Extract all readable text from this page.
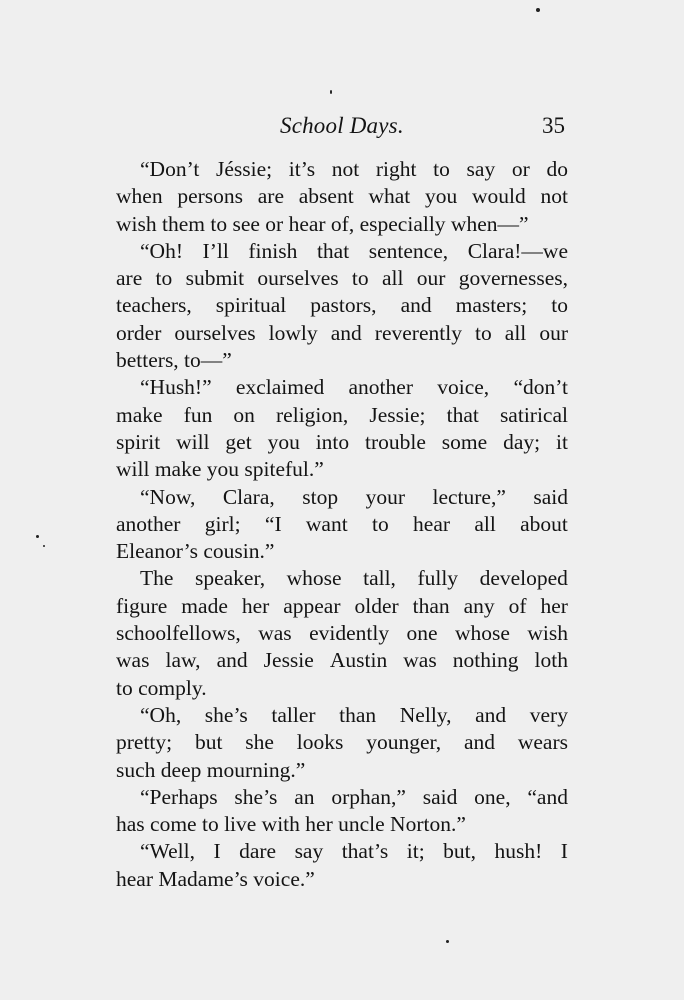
School Days.	35
“Don’t Jéssie; it’s not right to say or do
when persons are absent what you would not
wish them to see or hear of, especially when—”
“Oh! I’ll finish that sentence, Clara!—we
are to submit ourselves to all our governesses,
teachers, spiritual pastors, and masters; to
order ourselves lowly and reverently to all our
betters, to—”
“Hush!” exclaimed another voice, “don’t
make fun on religion, Jessie; that satirical
spirit will get you into trouble some day; it
will make you spiteful.”
“Now, Clara, stop your lecture,” said
another girl; “I want to hear all about
Eleanor’s cousin.”
The speaker, whose tall, fully developed
figure made her appear older than any of her
schoolfellows, was evidently one whose wish
was law, and Jessie Austin was nothing loth
to comply.
“Oh, she’s taller than Nelly, and very
pretty; but she looks younger, and wears
such deep mourning.”
“Perhaps she’s an orphan,” said one, “and
has come to live with her uncle Norton.”
“Well, I dare say that’s it; but, hush! I
hear Madame’s voice.”
